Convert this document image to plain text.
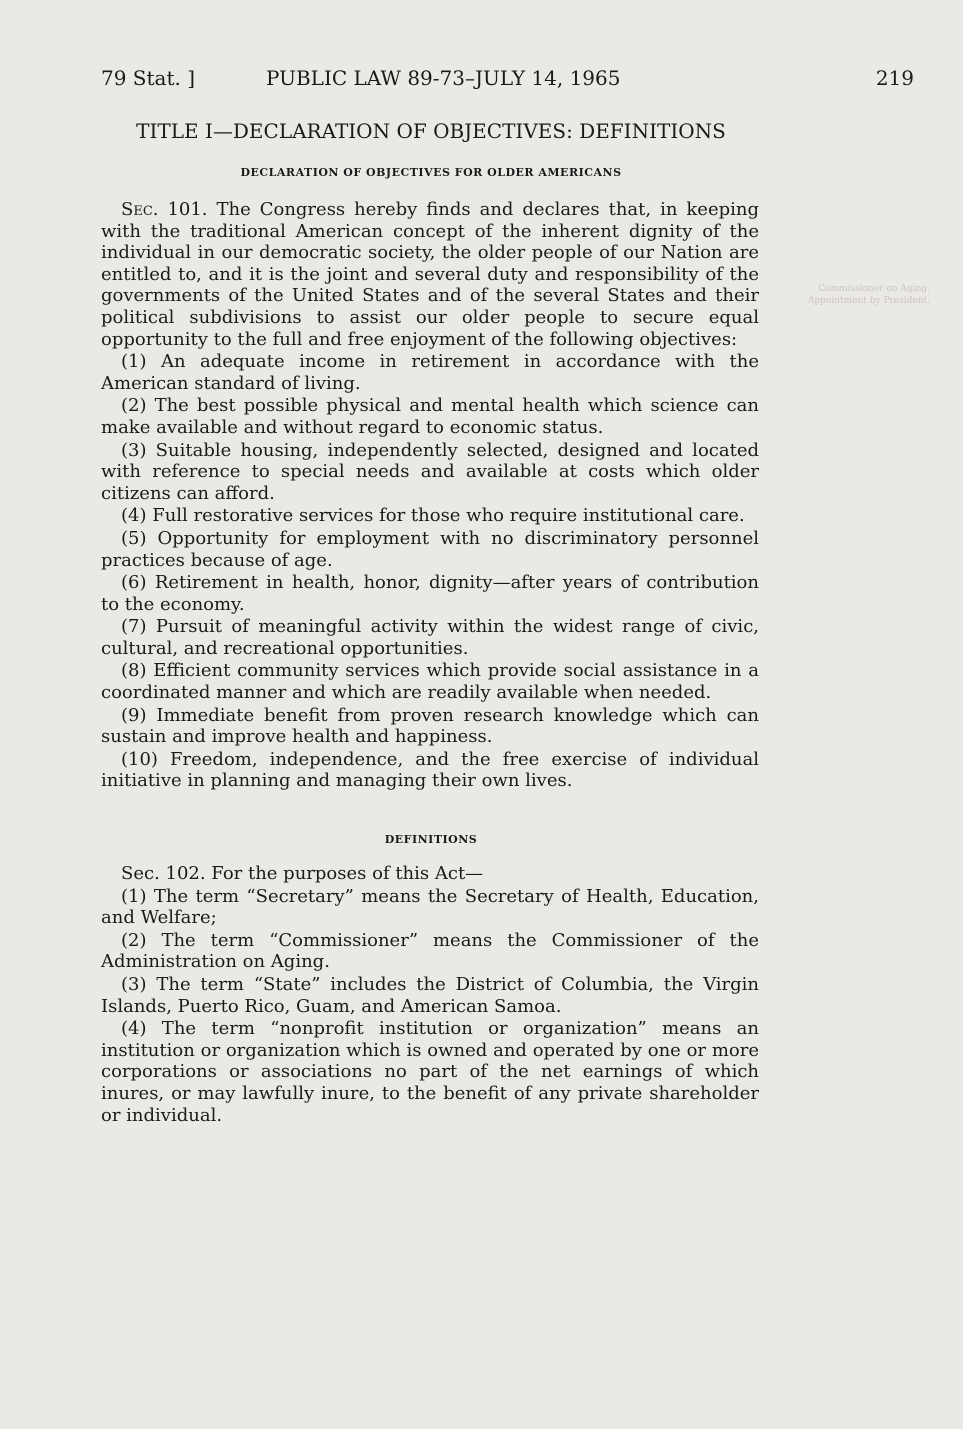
79 Stat. ]	PUBLIC LAW 89-73–JULY 14, 1965	219
TITLE I—DECLARATION OF OBJECTIVES: DEFINITIONS
DECLARATION OF OBJECTIVES FOR OLDER AMERICANS

Sec. 101. The Congress hereby finds and declares that, in keeping with the traditional American concept of the inherent dignity of the individual in our democratic society, the older people of our Nation are entitled to, and it is the joint and several duty and responsibility of the governments of the United States and of the several States and their political subdivisions to assist our older people to secure equal opportunity to the full and free enjoyment of the following objectives:

(1) An adequate income in retirement in accordance with the American standard of living.

(2) The best possible physical and mental health which science can make available and without regard to economic status.

(3) Suitable housing, independently selected, designed and located with reference to special needs and available at costs which older citizens can afford.

(4) Full restorative services for those who require institutional care.

(5) Opportunity for employment with no discriminatory personnel practices because of age.

(6) Retirement in health, honor, dignity—after years of contribution to the economy.

(7) Pursuit of meaningful activity within the widest range of civic, cultural, and recreational opportunities.

(8) Efficient community services which provide social assistance in a coordinated manner and which are readily available when needed.

(9) Immediate benefit from proven research knowledge which can sustain and improve health and happiness.

(10) Freedom, independence, and the free exercise of individual initiative in planning and managing their own lives.

DEFINITIONS

Sec. 102. For the purposes of this Act—

(1) The term “Secretary” means the Secretary of Health, Education, and Welfare;

(2) The term “Commissioner” means the Commissioner of the Administration on Aging.

(3) The term “State” includes the District of Columbia, the Virgin Islands, Puerto Rico, Guam, and American Samoa.

(4) The term “nonprofit institution or organization” means an institution or organization which is owned and operated by one or more corporations or associations no part of the net earnings of which inures, or may lawfully inure, to the benefit of any private shareholder or individual.

Commissioner on Aging. Appointment by President.
